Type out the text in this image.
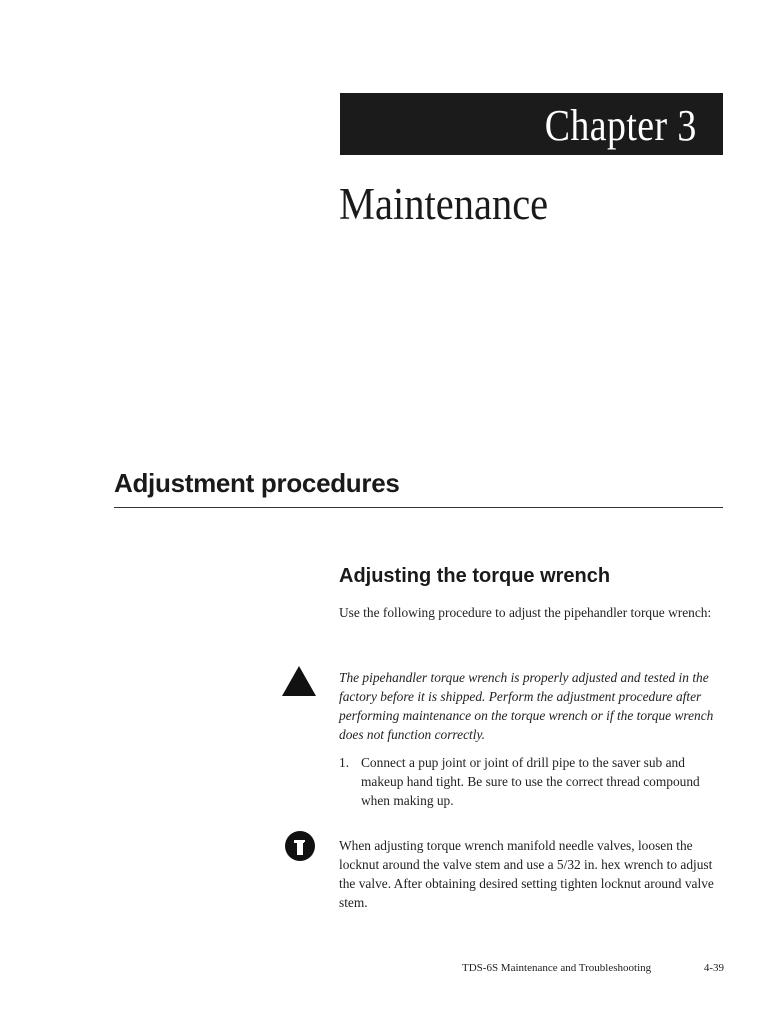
Chapter 3
Maintenance
Adjustment procedures
Adjusting the torque wrench
Use the following procedure to adjust the pipehandler torque wrench:
The pipehandler torque wrench is properly adjusted and tested in the factory before it is shipped. Perform the adjustment procedure after performing maintenance on the torque wrench or if the torque wrench does not function correctly.
1. Connect a pup joint or joint of drill pipe to the saver sub and makeup hand tight. Be sure to use the correct thread compound when making up.
When adjusting torque wrench manifold needle valves, loosen the locknut around the valve stem and use a 5/32 in. hex wrench to adjust the valve. After obtaining desired setting tighten locknut around valve stem.
TDS-6S Maintenance and Troubleshooting	4-39
